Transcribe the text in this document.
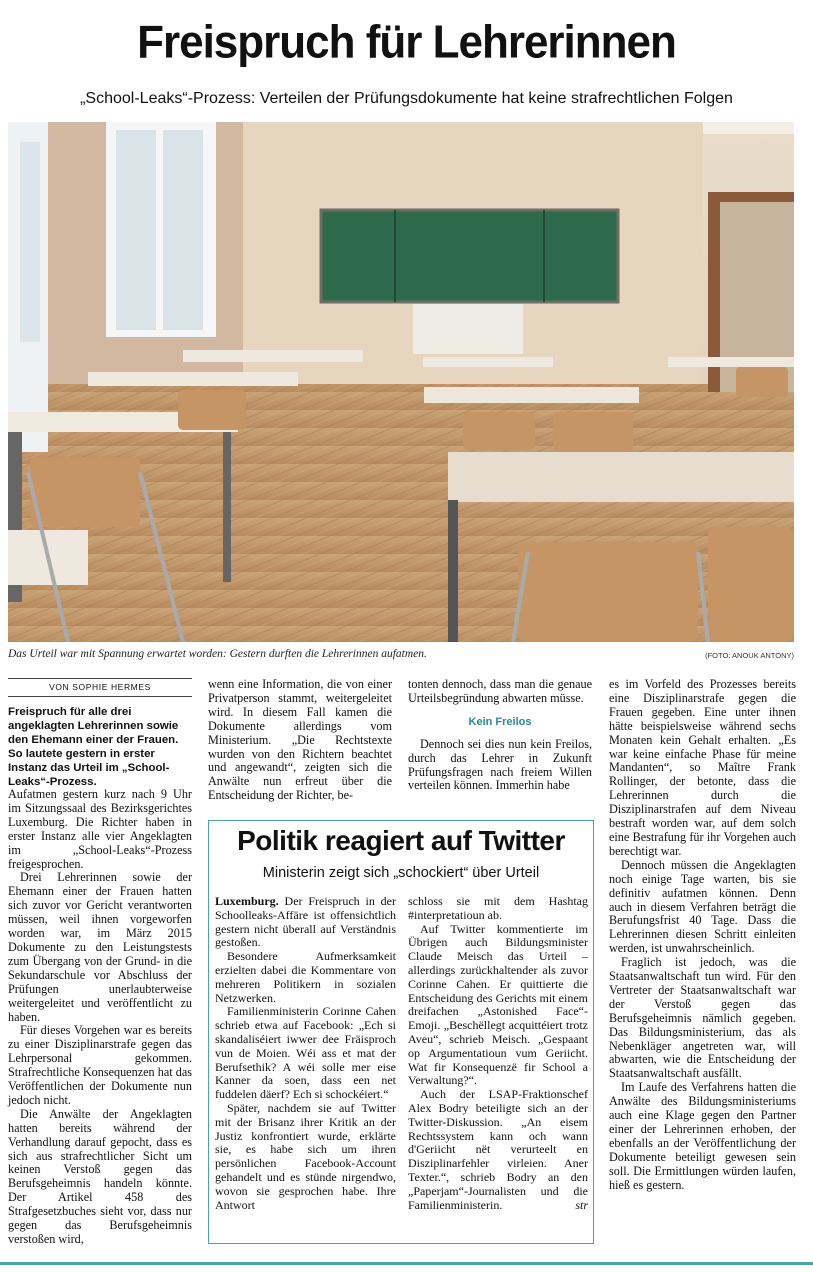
Freispruch für Lehrerinnen
„School-Leaks“-Prozess: Verteilen der Prüfungsdokumente hat keine strafrechtlichen Folgen
Das Urteil war mit Spannung erwartet worden: Gestern durften die Lehrerinnen aufatmen.	(FOTO: ANOUK ANTONY)
VON SOPHIE HERMES
Freispruch für alle drei angeklagten Lehrerinnen sowie den Ehemann einer der Frauen. So lautete gestern in erster Instanz das Urteil im „School-Leaks“-Prozess.

Aufatmen gestern kurz nach 9 Uhr im Sitzungssaal des Bezirksgerichtes Luxemburg. Die Richter haben in erster Instanz alle vier Angeklagten im „School-Leaks“-Prozess freigesprochen.

Drei Lehrerinnen sowie der Ehemann einer der Frauen hatten sich zuvor vor Gericht verantworten müssen, weil ihnen vorgeworfen worden war, im März 2015 Dokumente zu den Leistungstests zum Übergang von der Grund- in die Sekundarschule vor Abschluss der Prüfungen unerlaubterweise weitergeleitet und veröffentlicht zu haben.

Für dieses Vorgehen war es bereits zu einer Disziplinarstrafe gegen das Lehrpersonal gekommen. Strafrechtliche Konsequenzen hat das Veröffentlichen der Dokumente nun jedoch nicht.

Die Anwälte der Angeklagten hatten bereits während der Verhandlung darauf gepocht, dass es sich aus strafrechtlicher Sicht um keinen Verstoß gegen das Berufsgeheimnis handeln könnte. Der Artikel 458 des Strafgesetzbuches sieht vor, dass nur gegen das Berufsgeheimnis verstoßen wird,

wenn eine Information, die von einer Privatperson stammt, weitergeleitet wird. In diesem Fall kamen die Dokumente allerdings vom Ministerium. „Die Rechtstexte wurden von den Richtern beachtet und angewandt“, zeigten sich die Anwälte nun erfreut über die Entscheidung der Richter, be-

tonten dennoch, dass man die genaue Urteilsbegründung abwarten müsse.

Kein Freilos

Dennoch sei dies nun kein Freilos, durch das Lehrer in Zukunft Prüfungsfragen nach freiem Willen verteilen können. Immerhin habe

es im Vorfeld des Prozesses bereits eine Disziplinarstrafe gegen die Frauen gegeben. Eine unter ihnen hätte beispielsweise während sechs Monaten kein Gehalt erhalten. „Es war keine einfache Phase für meine Mandanten“, so Maître Frank Rollinger, der betonte, dass die Lehrerinnen durch die Disziplinarstrafen auf dem Niveau bestraft worden war, auf dem solch eine Bestrafung für ihr Vorgehen auch berechtigt war.

Dennoch müssen die Angeklagten noch einige Tage warten, bis sie definitiv aufatmen können. Denn auch in diesem Verfahren beträgt die Berufungsfrist 40 Tage. Dass die Lehrerinnen diesen Schritt einleiten werden, ist unwahrscheinlich.

Fraglich ist jedoch, was die Staatsanwaltschaft tun wird. Für den Vertreter der Staatsanwaltschaft war der Verstoß gegen das Berufsgeheimnis nämlich gegeben. Das Bildungsministerium, das als Nebenkläger angetreten war, will abwarten, wie die Entscheidung der Staatsanwaltschaft ausfällt.

Im Laufe des Verfahrens hatten die Anwälte des Bildungsministeriums auch eine Klage gegen den Partner einer der Lehrerinnen erhoben, der ebenfalls an der Veröffentlichung der Dokumente beteiligt gewesen sein soll. Die Ermittlungen würden laufen, hieß es gestern.

Politik reagiert auf Twitter
Ministerin zeigt sich „schockiert“ über Urteil

Luxemburg. Der Freispruch in der Schoolleaks-Affäre ist offensichtlich gestern nicht überall auf Verständnis gestoßen.

Besondere Aufmerksamkeit erzielten dabei die Kommentare von mehreren Politikern in sozialen Netzwerken.

Familienministerin Corinne Cahen schrieb etwa auf Facebook: „Ech si skandaliséiert iwwer dee Fräisproch vun de Moien. Wéi ass et mat der Berufsethik? A wéi solle mer eise Kanner da soen, dass een net fuddelen däerf? Ech si schockéiert.“

Später, nachdem sie auf Twitter mit der Brisanz ihrer Kritik an der Justiz konfrontiert wurde, erklärte sie, es habe sich um ihren persönlichen Facebook-Account gehandelt und es stünde nirgendwo, wovon sie gesprochen habe. Ihre Antwort

schloss sie mit dem Hashtag #interpretatioun ab.

Auf Twitter kommentierte im Übrigen auch Bildungsminister Claude Meisch das Urteil – allerdings zurückhaltender als zuvor Corinne Cahen. Er quittierte die Entscheidung des Gerichts mit einem dreifachen „Astonished Face“-Emoji. „Beschëllegt acquittéiert trotz Aveu“, schrieb Meisch. „Gespaant op Argumentatioun vum Geriicht. Wat fir Konsequenzë fir School a Verwaltung?“.

Auch der LSAP-Fraktionschef Alex Bodry beteiligte sich an der Twitter-Diskussion. „An eisem Rechtssystem kann och wann d'Geriicht nët verurteelt en Disziplinarfehler virleien. Aner Texter.“, schrieb Bodry an den „Paperjam“-Journalisten und die Familienministerin.	str
